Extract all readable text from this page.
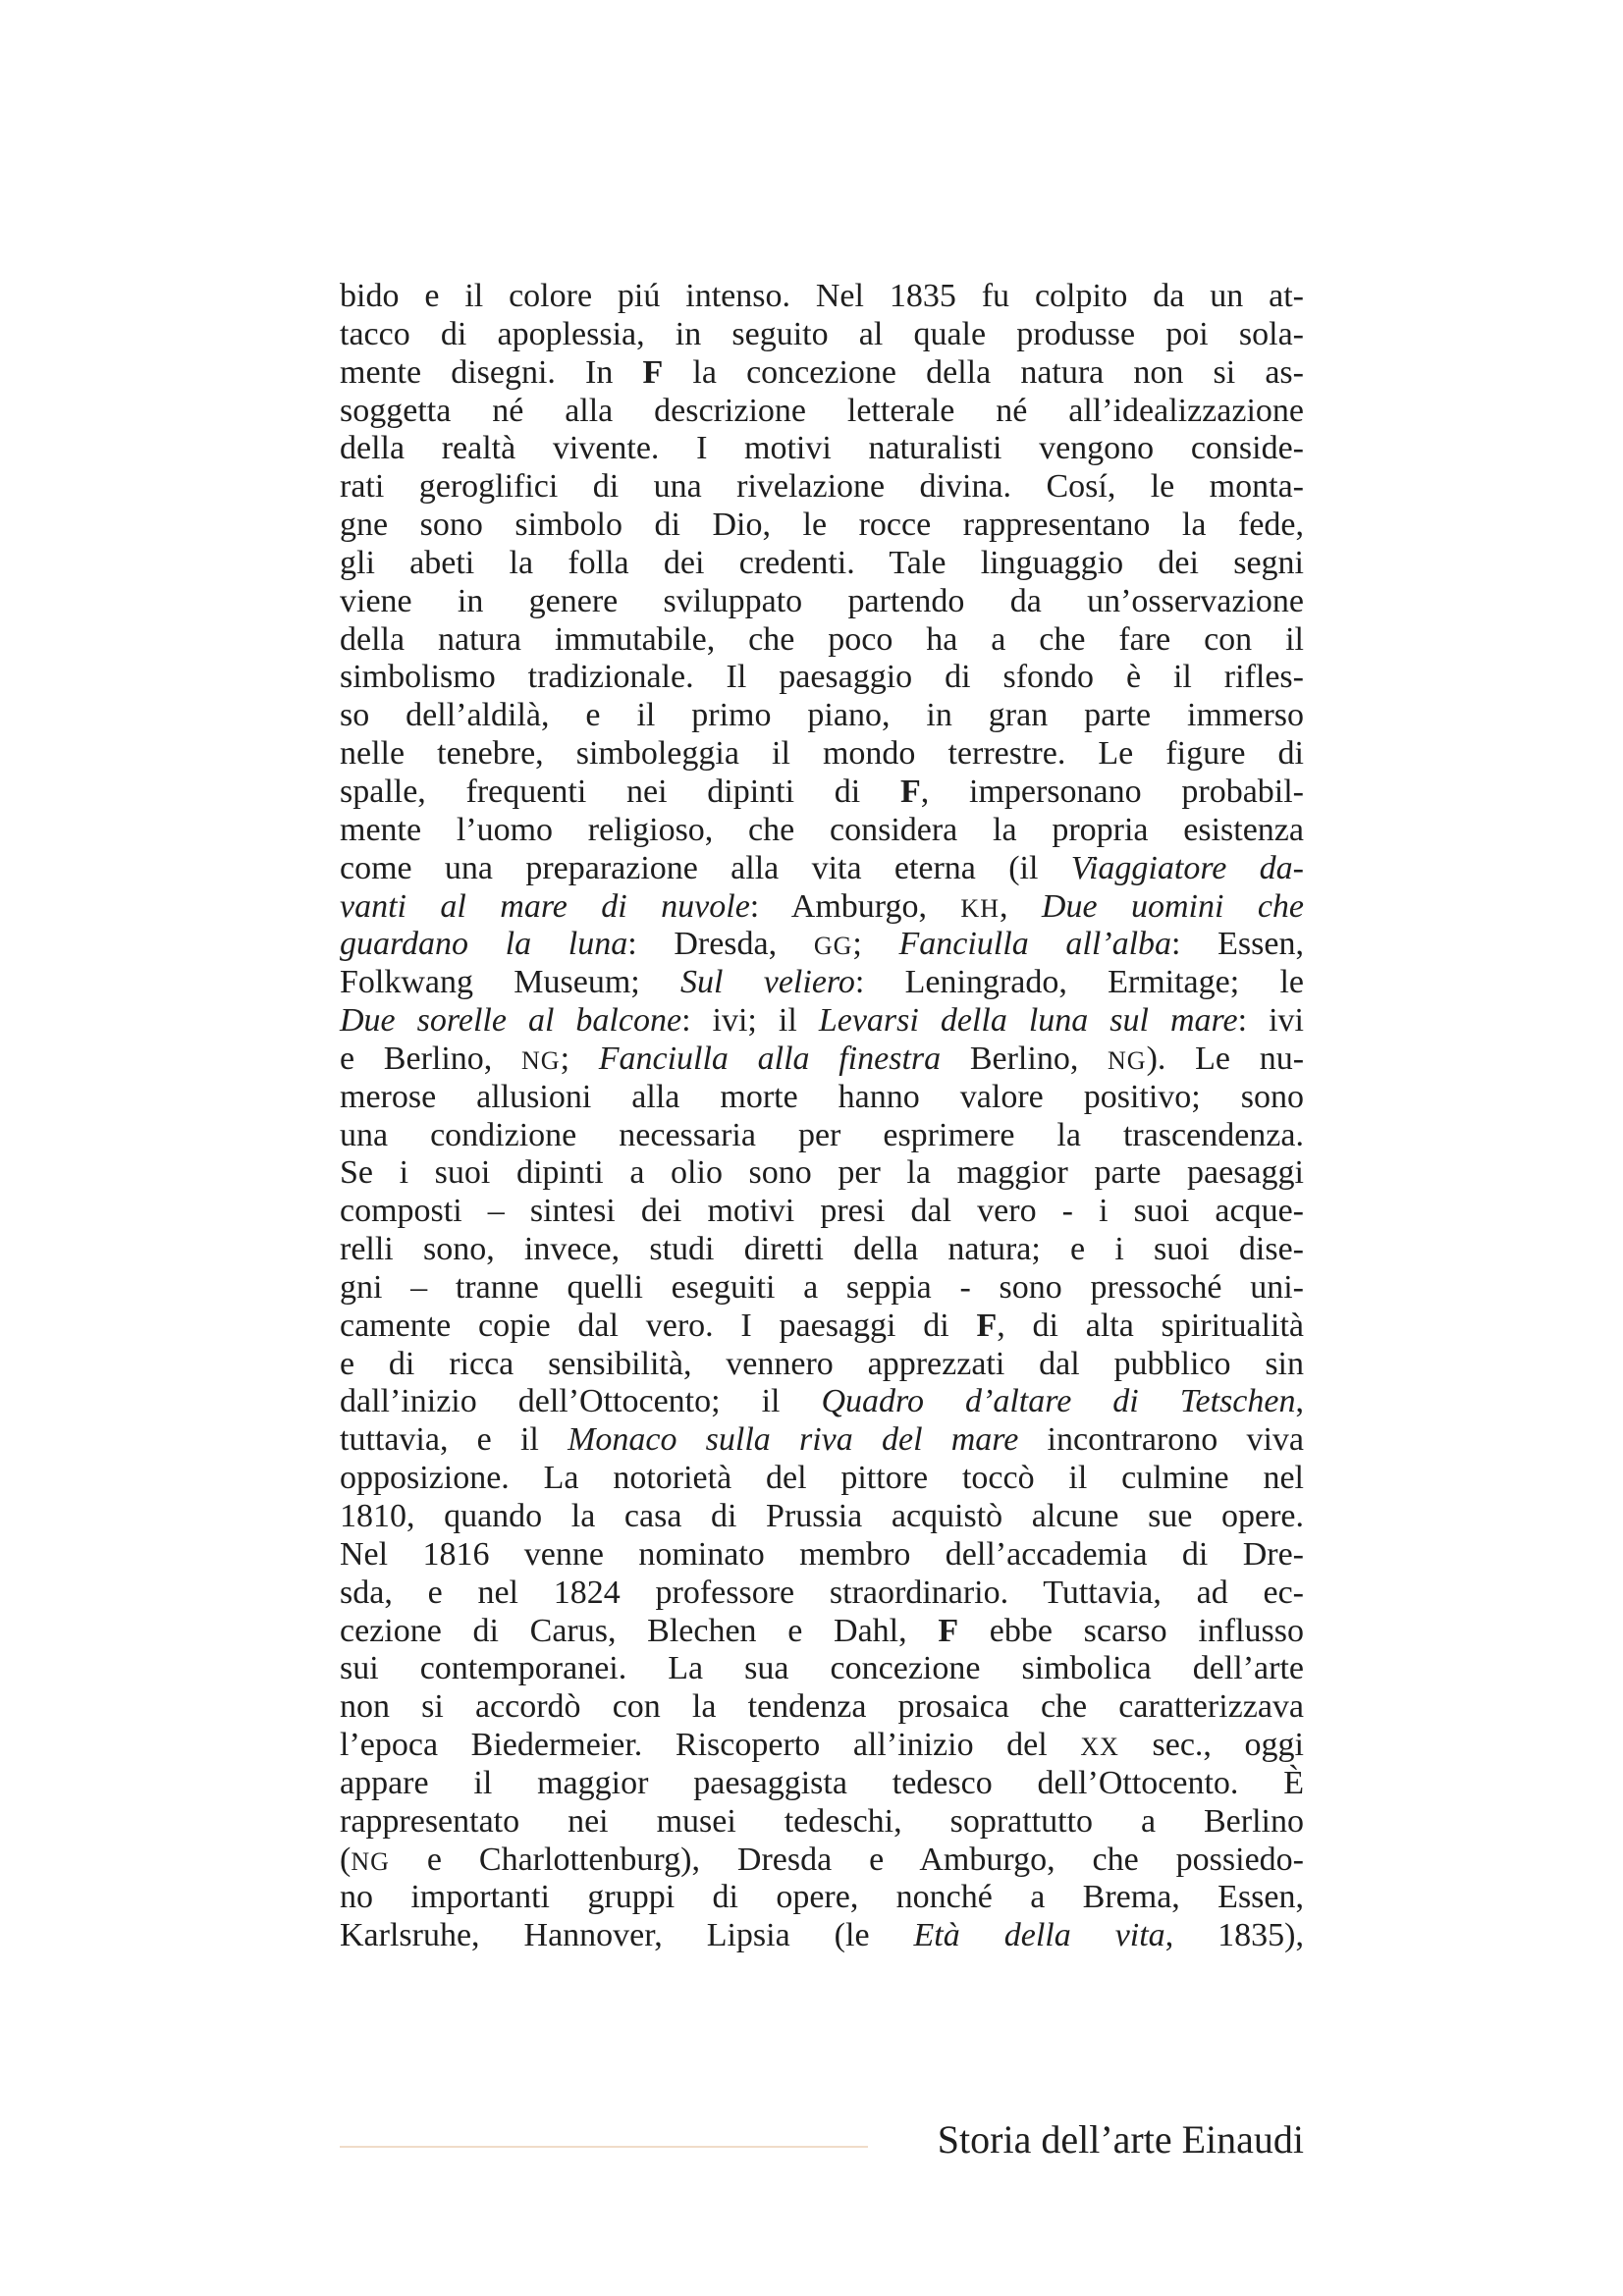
bido e il colore piú intenso. Nel 1835 fu colpito da un at-
tacco di apoplessia, in seguito al quale produsse poi sola-
mente disegni. In F la concezione della natura non si as-
soggetta né alla descrizione letterale né all’idealizzazione
della realtà vivente. I motivi naturalisti vengono conside-
rati geroglifici di una rivelazione divina. Cosí, le monta-
gne sono simbolo di Dio, le rocce rappresentano la fede,
gli abeti la folla dei credenti. Tale linguaggio dei segni
viene in genere sviluppato partendo da un’osservazione
della natura immutabile, che poco ha a che fare con il
simbolismo tradizionale. Il paesaggio di sfondo è il rifles-
so dell’aldilà, e il primo piano, in gran parte immerso
nelle tenebre, simboleggia il mondo terrestre. Le figure di
spalle, frequenti nei dipinti di F, impersonano probabil-
mente l’uomo religioso, che considera la propria esistenza
come una preparazione alla vita eterna (il Viaggiatore da-
vanti al mare di nuvole: Amburgo, KH, Due uomini che
guardano la luna: Dresda, GG; Fanciulla all’alba: Essen,
Folkwang Museum; Sul veliero: Leningrado, Ermitage; le
Due sorelle al balcone: ivi; il Levarsi della luna sul mare: ivi
e Berlino, NG; Fanciulla alla finestra Berlino, NG). Le nu-
merose allusioni alla morte hanno valore positivo; sono
una condizione necessaria per esprimere la trascendenza.
Se i suoi dipinti a olio sono per la maggior parte paesaggi
composti – sintesi dei motivi presi dal vero - i suoi acque-
relli sono, invece, studi diretti della natura; e i suoi dise-
gni – tranne quelli eseguiti a seppia - sono pressoché uni-
camente copie dal vero. I paesaggi di F, di alta spiritualità
e di ricca sensibilità, vennero apprezzati dal pubblico sin
dall’inizio dell’Ottocento; il Quadro d’altare di Tetschen,
tuttavia, e il Monaco sulla riva del mare incontrarono viva
opposizione. La notorietà del pittore toccò il culmine nel
1810, quando la casa di Prussia acquistò alcune sue opere.
Nel 1816 venne nominato membro dell’accademia di Dre-
sda, e nel 1824 professore straordinario. Tuttavia, ad ec-
cezione di Carus, Blechen e Dahl, F ebbe scarso influsso
sui contemporanei. La sua concezione simbolica dell’arte
non si accordò con la tendenza prosaica che caratterizzava
l’epoca Biedermeier. Riscoperto all’inizio del XX sec., oggi
appare il maggior paesaggista tedesco dell’Ottocento. È
rappresentato nei musei tedeschi, soprattutto a Berlino
(NG e Charlottenburg), Dresda e Amburgo, che possiedo-
no importanti gruppi di opere, nonché a Brema, Essen,
Karlsruhe, Hannover, Lipsia (le Età della vita, 1835),
Storia dell’arte Einaudi
